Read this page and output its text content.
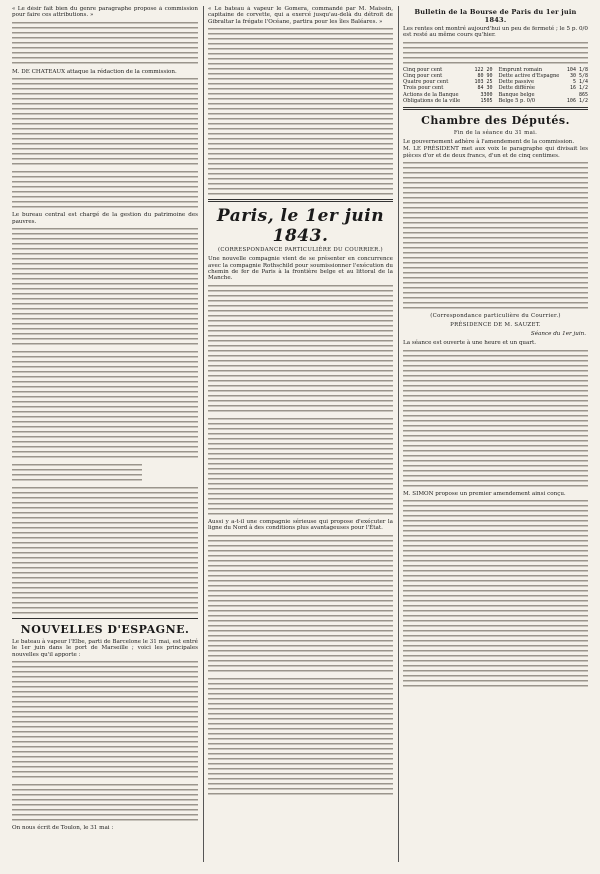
« Le désir fait bien du genre paragraphe propose à commission pour faire ces attributions. »

M. DE CHATEAUX attaque la rédaction de la commission.

Le bureau central est chargé de la gestion du patrimoine des pauvres.

NOUVELLES D'ESPAGNE.

Le bateau à vapeur l'Elbe, parti de Barcelone le 31 mai, est entré le 1er juin dans le port de Marseille ; voici les principales nouvelles qu'il apporte :

On nous écrit de Toulon, le 31 mai :

« Le bateau à vapeur le Gomera, commandé par M. Maissin, capitaine de corvette, qui a exercé jusqu'au-delà du détroit de Gibraltar la frégate l'Océane, partira pour les îles Baléares. »

Paris, le 1er juin 1843.
(CORRESPONDANCE PARTICULIÈRE DU COURRIER.)

Une nouvelle compagnie vient de se présenter en concurrence avec la compagnie Rothschild pour soumissionner l'exécution du chemin de fer de Paris à la frontière belge et au littoral de la Manche.

Aussi y a-t-il une compagnie sérieuse qui propose d'exécuter la ligne du Nord à des conditions plus avantageuses pour l'État.

Bulletin de la Bourse de Paris du 1er juin 1843.

Les rentes ont montré aujourd'hui un peu de fermeté ; le 5 p. 0/0 est resté au même cours qu'hier.

Cinq pour cent	122 20 Emprunt romain	104 1/8
Cinq pour cent	80 90 Dette active d'Espagne 30 5/8
Quatre pour cent	103 25 Dette passive	5 1/4
Trois pour cent	84 30 Dette différée	16 1/2
Actions de la Banque	3300 Banque belge	865
Obligations de la ville	1505 Belge 5 p. 0/0	106 1/2
Chambre des Députés.
Fin de la séance du 31 mai.

Le gouvernement adhère à l'amendement de la commission.

M. LE PRÉSIDENT met aux voix le paragraphe qui divisait les pièces d'or et de deux francs, d'un et de cinq centimes.

(Correspondance particulière du Courrier.)
PRÉSIDENCE DE M. SAUZET.
Séance du 1er juin.

La séance est ouverte à une heure et un quart.

M. SIMON propose un premier amendement ainsi conçu.
